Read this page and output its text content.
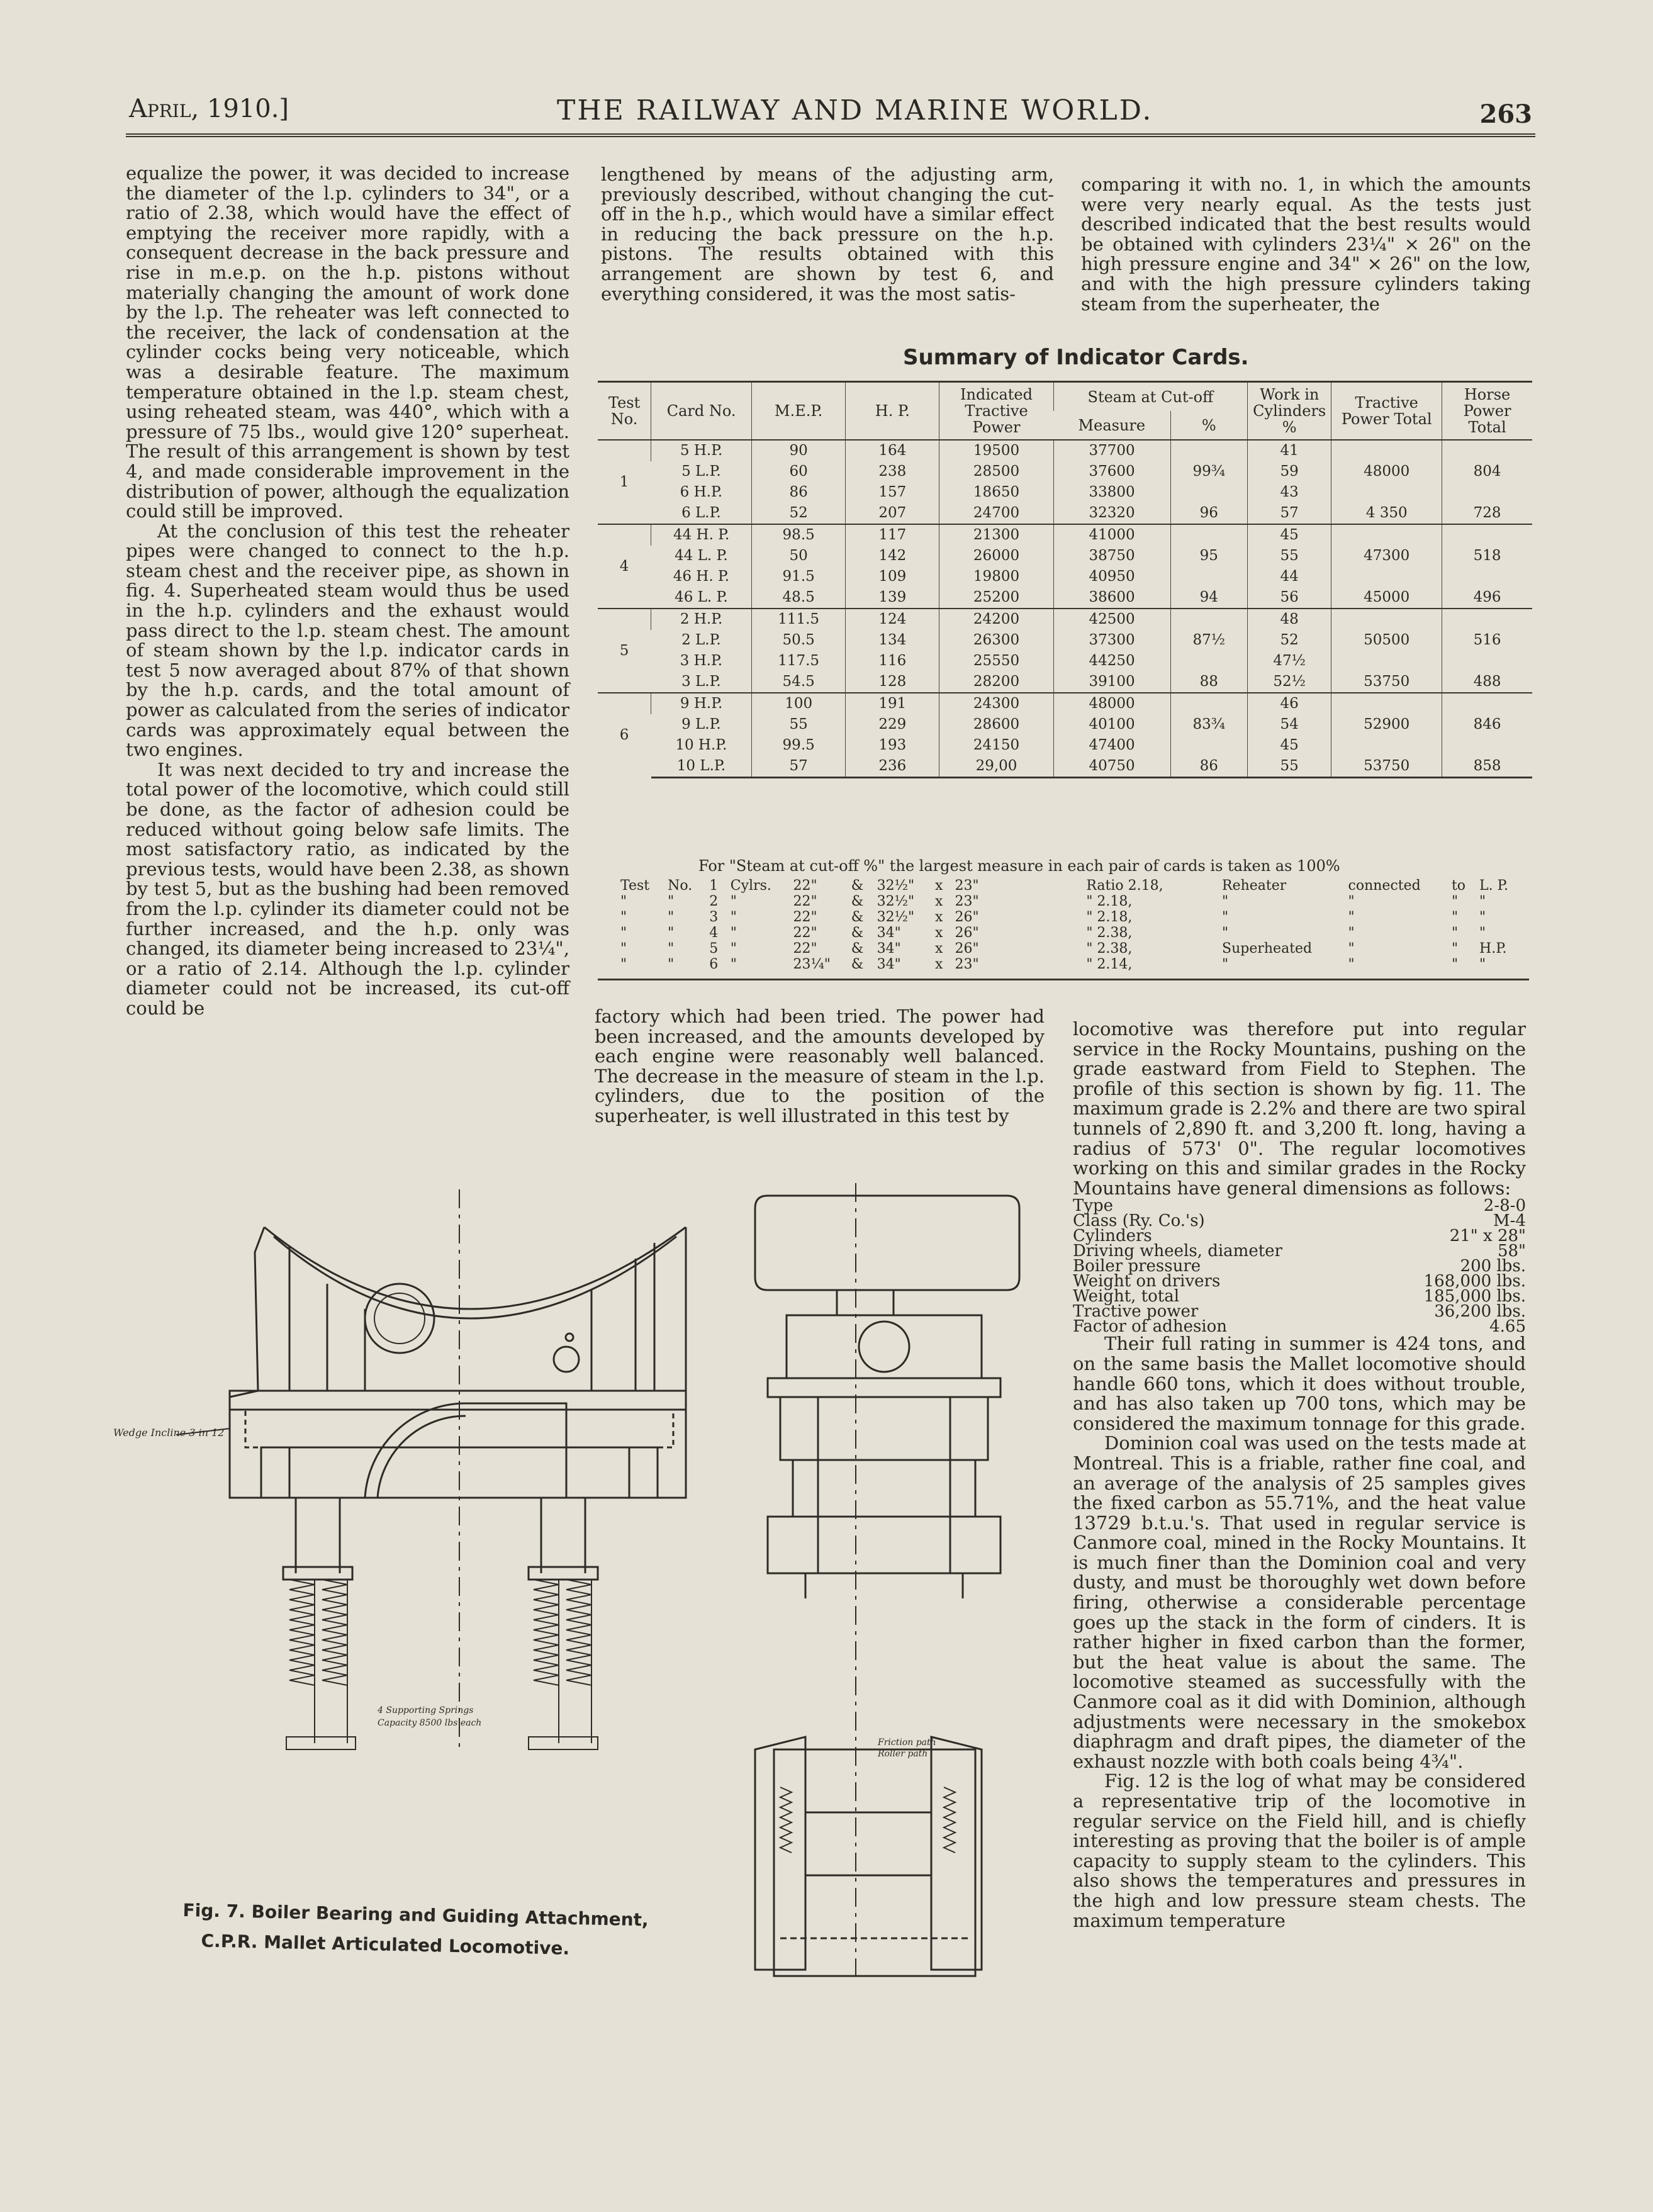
April, 1910.]	THE RAILWAY AND MARINE WORLD.	263

equalize the power, it was decided to increase the diameter of the l.p. cylinders to 34", or a ratio of 2.38, which would have the effect of emptying the receiver more rapidly, with a consequent decrease in the back pressure and rise in m.e.p. on the h.p. pistons without materially changing the amount of work done by the l.p. The reheater was left connected to the receiver, the lack of condensation at the cylinder cocks being very noticeable, which was a desirable feature. The maximum temperature obtained in the l.p. steam chest, using reheated steam, was 440°, which with a pressure of 75 lbs., would give 120° superheat. The result of this arrangement is shown by test 4, and made considerable improvement in the distribution of power, although the equalization could still be improved.

At the conclusion of this test the reheater pipes were changed to connect to the h.p. steam chest and the receiver pipe, as shown in fig. 4. Superheated steam would thus be used in the h.p. cylinders and the exhaust would pass direct to the l.p. steam chest. The amount of steam shown by the l.p. indicator cards in test 5 now averaged about 87% of that shown by the h.p. cards, and the total amount of power as calculated from the series of indicator cards was approximately equal between the two engines.

It was next decided to try and increase the total power of the locomotive, which could still be done, as the factor of adhesion could be reduced without going below safe limits. The most satisfactory ratio, as indicated by the previous tests, would have been 2.38, as shown by test 5, but as the bushing had been removed from the l.p. cylinder its diameter could not be further increased, and the h.p. only was changed, its diameter being increased to 23¼", or a ratio of 2.14. Although the l.p. cylinder diameter could not be increased, its cut-off could be

lengthened by means of the adjusting arm, previously described, without changing the cut-off in the h.p., which would have a similar effect in reducing the back pressure on the h.p. pistons. The results obtained with this arrangement are shown by test 6, and everything considered, it was the most satis-

comparing it with no. 1, in which the amounts were very nearly equal. As the tests just described indicated that the best results would be obtained with cylinders 23¼" × 26" on the high pressure engine and 34" × 26" on the low, and with the high pressure cylinders taking steam from the superheater, the

Summary of Indicator Cards.
Test No.	Card No.	M.E.P.	H. P.	Indicated Tractive Power	Steam at Cut-off		Work in Cylinders %	Tractive Power Total	Horse Power Total
					Measure	%			
1	5 H.P.	90	164	19500	37700		41		
	5 L.P.	60	238	28500	37600	99¾	59	48000	804
	6 H.P.	86	157	18650	33800		43		
	6 L.P.	52	207	24700	32320	96	57	4 350	728
4	44 H. P.	98.5	117	21300	41000		45		
	44 L. P.	50	142	26000	38750	95	55	47300	518
	46 H. P.	91.5	109	19800	40950		44		
	46 L. P.	48.5	139	25200	38600	94	56	45000	496
5	2 H.P.	111.5	124	24200	42500		48		
	2 L.P.	50.5	134	26300	37300	87½	52	50500	516
	3 H.P.	117.5	116	25550	44250		47½		
	3 L.P.	54.5	128	28200	39100	88	52½	53750	488
6	9 H.P.	100	191	24300	48000		46		
	9 L.P.	55	229	28600	40100	83¾	54	52900	846
	10 H.P.	99.5	193	24150	47400		45		
	10 L.P.	57	236	29,00	40750	86	55	53750	858
For "Steam at cut-off %" the largest measure in each pair of cards is taken as 100%
Test	No.	1	Cylrs.	22"	&	32½"	x	23"	Ratio 2.18,	Reheater	connected	to	L. P.
"	"	2	"	22"	&	32½"	x	23"	" 2.18,	"	"	"	"
"	"	3	"	22"	&	32½"	x	26"	" 2.18,	"	"	"	"
"	"	4	"	22"	&	34"	x	26"	" 2.38,	"	"	"	"
"	"	5	"	22"	&	34"	x	26"	" 2.38,	Superheated	"	"	H.P.
"	"	6	"	23¼"	&	34"	x	23"	" 2.14,	"	"	"	"

factory which had been tried. The power had been increased, and the amounts developed by each engine were reasonably well balanced. The decrease in the measure of steam in the l.p. cylinders, due to the position of the superheater, is well illustrated in this test by

locomotive was therefore put into regular service in the Rocky Mountains, pushing on the grade eastward from Field to Stephen. The profile of this section is shown by fig. 11. The maximum grade is 2.2% and there are two spiral tunnels of 2,890 ft. and 3,200 ft. long, having a radius of 573' 0". The regular locomotives working on this and similar grades in the Rocky Mountains have general dimensions as follows:

Type	2-8-0
Class (Ry. Co.'s)	M-4
Cylinders	21" x 28"
Driving wheels, diameter	58"
Boiler pressure	200 lbs.
Weight on drivers	168,000 lbs.
Weight, total	185,000 lbs.
Tractive power	36,200 lbs.
Factor of adhesion	4.65

Their full rating in summer is 424 tons, and on the same basis the Mallet locomotive should handle 660 tons, which it does without trouble, and has also taken up 700 tons, which may be considered the maximum tonnage for this grade.

Dominion coal was used on the tests made at Montreal. This is a friable, rather fine coal, and an average of the analysis of 25 samples gives the fixed carbon as 55.71%, and the heat value 13729 b.t.u.'s. That used in regular service is Canmore coal, mined in the Rocky Mountains. It is much finer than the Dominion coal and very dusty, and must be thoroughly wet down before firing, otherwise a considerable percentage goes up the stack in the form of cinders. It is rather higher in fixed carbon than the former, but the heat value is about the same. The locomotive steamed as successfully with the Canmore coal as it did with Dominion, although adjustments were necessary in the smokebox diaphragm and draft pipes, the diameter of the exhaust nozzle with both coals being 4¾".

Fig. 12 is the log of what may be considered a representative trip of the locomotive in regular service on the Field hill, and is chiefly interesting as proving that the boiler is of ample capacity to supply steam to the cylinders. This also shows the temperatures and pressures in the high and low pressure steam chests. The maximum temperature

Wedge Incline 3 in 12
4 Supporting Springs
Capacity 8500 lbs each
Friction path
Roller path
Fig. 7. Boiler Bearing and Guiding Attachment,
C.P.R. Mallet Articulated Locomotive.
